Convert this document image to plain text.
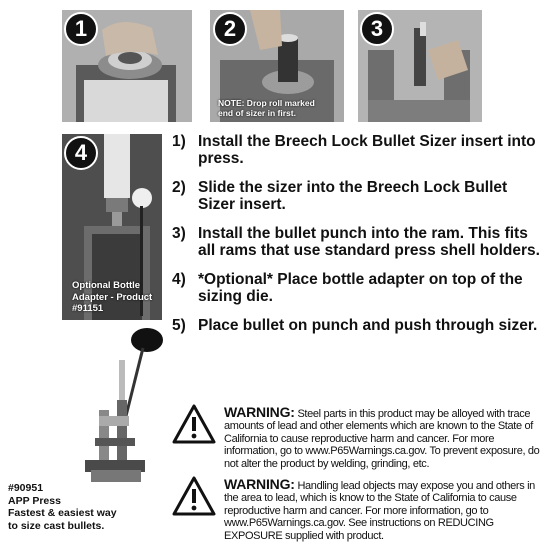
1
NOTE: Drop roll marked
end of sizer in first.
2	3
4
Optional Bottle
Adapter - Product
#91151
1) Install the Breech Lock Bullet Sizer insert into press.
2) Slide the sizer into the Breech Lock Bullet Sizer insert.
3) Install the bullet punch into the ram. This fits all rams that use standard press shell holders.
4) *Optional* Place bottle adapter on top of the sizing die.
5) Place bullet on punch and push through sizer.
WARNING: Steel parts in this product may be alloyed with trace amounts of lead and other elements which are known to the State of California to cause reproductive harm and cancer. For more information, go to www.P65Warnings.ca.gov. To prevent exposure, do not alter the product by welding, grinding, etc.
WARNING: Handling lead objects may expose you and others in the area to lead, which is know to the State of California to cause reproductive harm and cancer. For more information, go to www.P65Warnings.ca.gov. See instructions on REDUCING EXPOSURE supplied with product.
#90951
APP Press
Fastest & easiest way
to size cast bullets.
